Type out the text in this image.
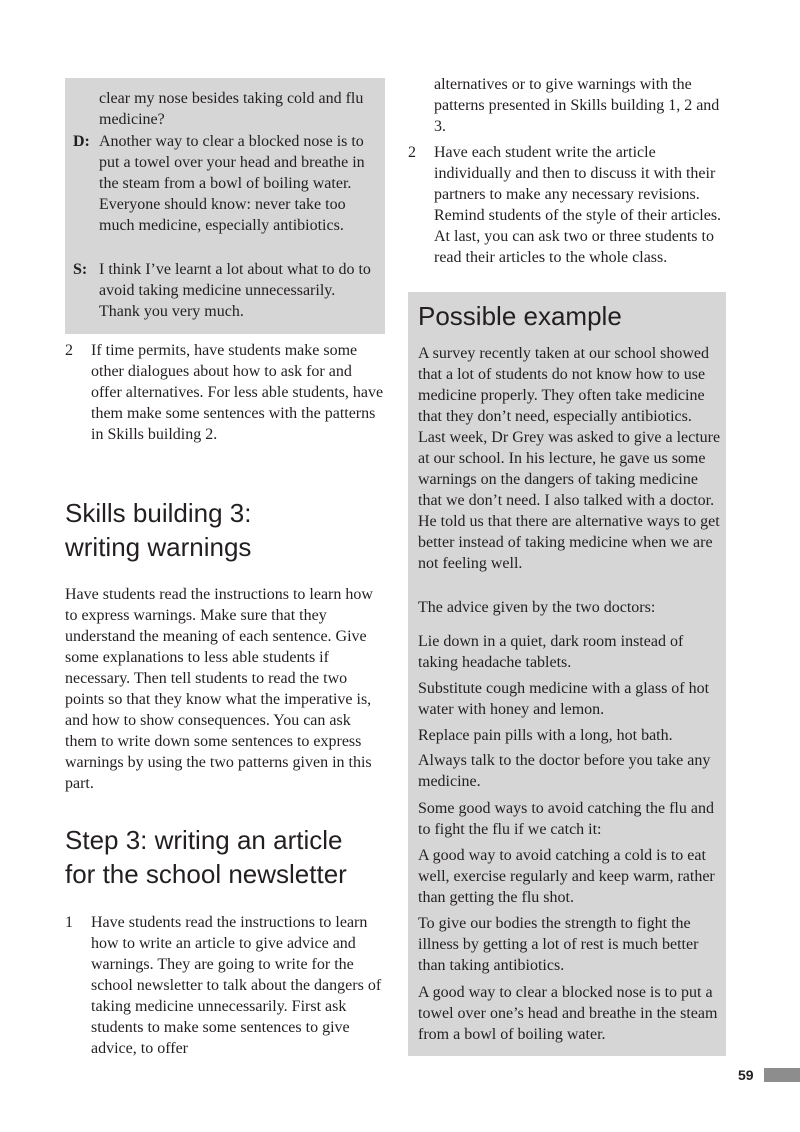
clear my nose besides taking cold and flu medicine?
D: Another way to clear a blocked nose is to put a towel over your head and breathe in the steam from a bowl of boiling water. Everyone should know: never take too much medicine, especially antibiotics.
S: I think I’ve learnt a lot about what to do to avoid taking medicine unnecessarily. Thank you very much.
2	If time permits, have students make some other dialogues about how to ask for and offer alternatives. For less able students, have them make some sentences with the patterns in Skills building 2.
Skills building 3:
writing warnings
Have students read the instructions to learn how to express warnings. Make sure that they understand the meaning of each sentence. Give some explanations to less able students if necessary. Then tell students to read the two points so that they know what the imperative is, and how to show consequences. You can ask them to write down some sentences to express warnings by using the two patterns given in this part.
Step 3: writing an article
for the school newsletter
1	Have students read the instructions to learn how to write an article to give advice and warnings. They are going to write for the school newsletter to talk about the dangers of taking medicine unnecessarily. First ask students to make some sentences to give advice, to offer
alternatives or to give warnings with the patterns presented in Skills building 1, 2 and 3.
2	Have each student write the article individually and then to discuss it with their partners to make any necessary revisions. Remind students of the style of their articles. At last, you can ask two or three students to read their articles to the whole class.
Possible example
A survey recently taken at our school showed that a lot of students do not know how to use medicine properly. They often take medicine that they don’t need, especially antibiotics. Last week, Dr Grey was asked to give a lecture at our school. In his lecture, he gave us some warnings on the dangers of taking medicine that we don’t need. I also talked with a doctor. He told us that there are alternative ways to get better instead of taking medicine when we are not feeling well.
The advice given by the two doctors:
Lie down in a quiet, dark room instead of taking headache tablets.
Substitute cough medicine with a glass of hot water with honey and lemon.
Replace pain pills with a long, hot bath.
Always talk to the doctor before you take any medicine.
Some good ways to avoid catching the flu and to fight the flu if we catch it:
A good way to avoid catching a cold is to eat well, exercise regularly and keep warm, rather than getting the flu shot.
To give our bodies the strength to fight the illness by getting a lot of rest is much better than taking antibiotics.
A good way to clear a blocked nose is to put a towel over one’s head and breathe in the steam from a bowl of boiling water.
59
